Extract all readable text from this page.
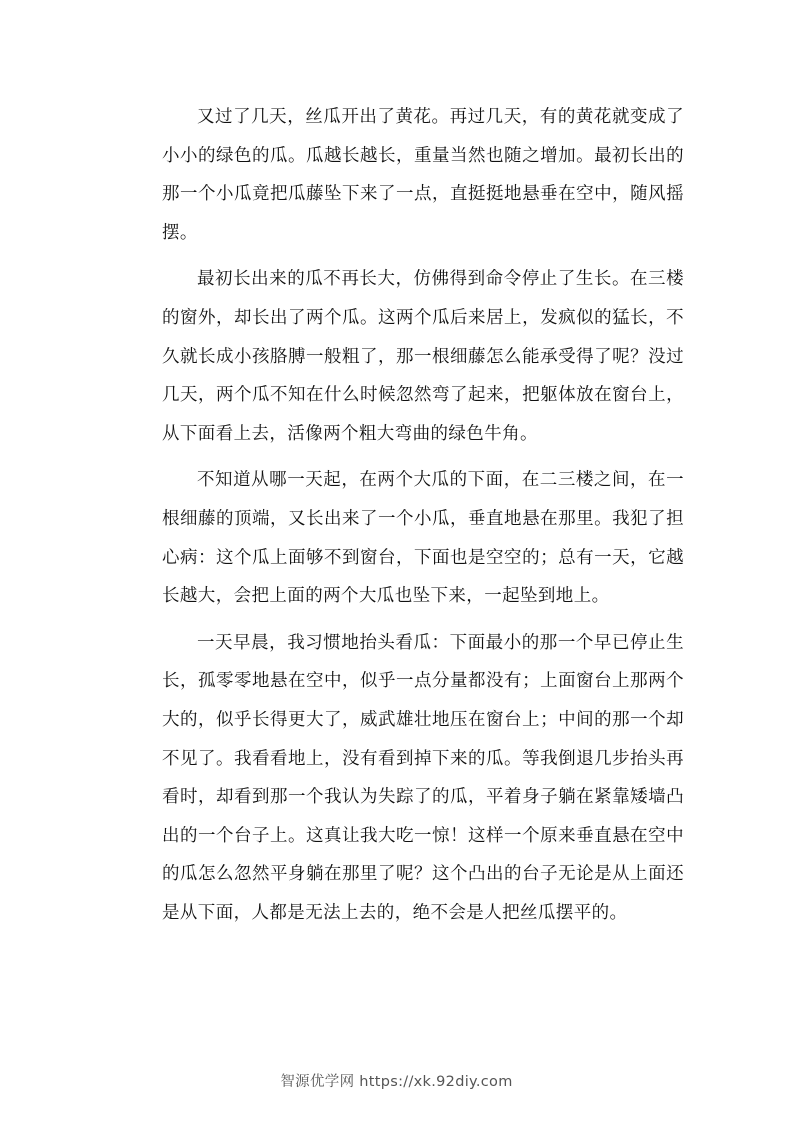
又过了几天，丝瓜开出了黄花。再过几天，有的黄花就变成了小小的绿色的瓜。瓜越长越长，重量当然也随之增加。最初长出的那一个小瓜竟把瓜藤坠下来了一点，直挺挺地悬垂在空中，随风摇摆。

最初长出来的瓜不再长大，仿佛得到命令停止了生长。在三楼的窗外，却长出了两个瓜。这两个瓜后来居上，发疯似的猛长，不久就长成小孩胳膊一般粗了，那一根细藤怎么能承受得了呢？没过几天，两个瓜不知在什么时候忽然弯了起来，把躯体放在窗台上，从下面看上去，活像两个粗大弯曲的绿色牛角。

不知道从哪一天起，在两个大瓜的下面，在二三楼之间，在一根细藤的顶端，又长出来了一个小瓜，垂直地悬在那里。我犯了担心病：这个瓜上面够不到窗台，下面也是空空的；总有一天，它越长越大，会把上面的两个大瓜也坠下来，一起坠到地上。

一天早晨，我习惯地抬头看瓜：下面最小的那一个早已停止生长，孤零零地悬在空中，似乎一点分量都没有；上面窗台上那两个大的，似乎长得更大了，威武雄壮地压在窗台上；中间的那一个却不见了。我看看地上，没有看到掉下来的瓜。等我倒退几步抬头再看时，却看到那一个我认为失踪了的瓜，平着身子躺在紧靠矮墙凸出的一个台子上。这真让我大吃一惊！这样一个原来垂直悬在空中的瓜怎么忽然平身躺在那里了呢？这个凸出的台子无论是从上面还是从下面，人都是无法上去的，绝不会是人把丝瓜摆平的。

智源优学网 https://xk.92diy.com
